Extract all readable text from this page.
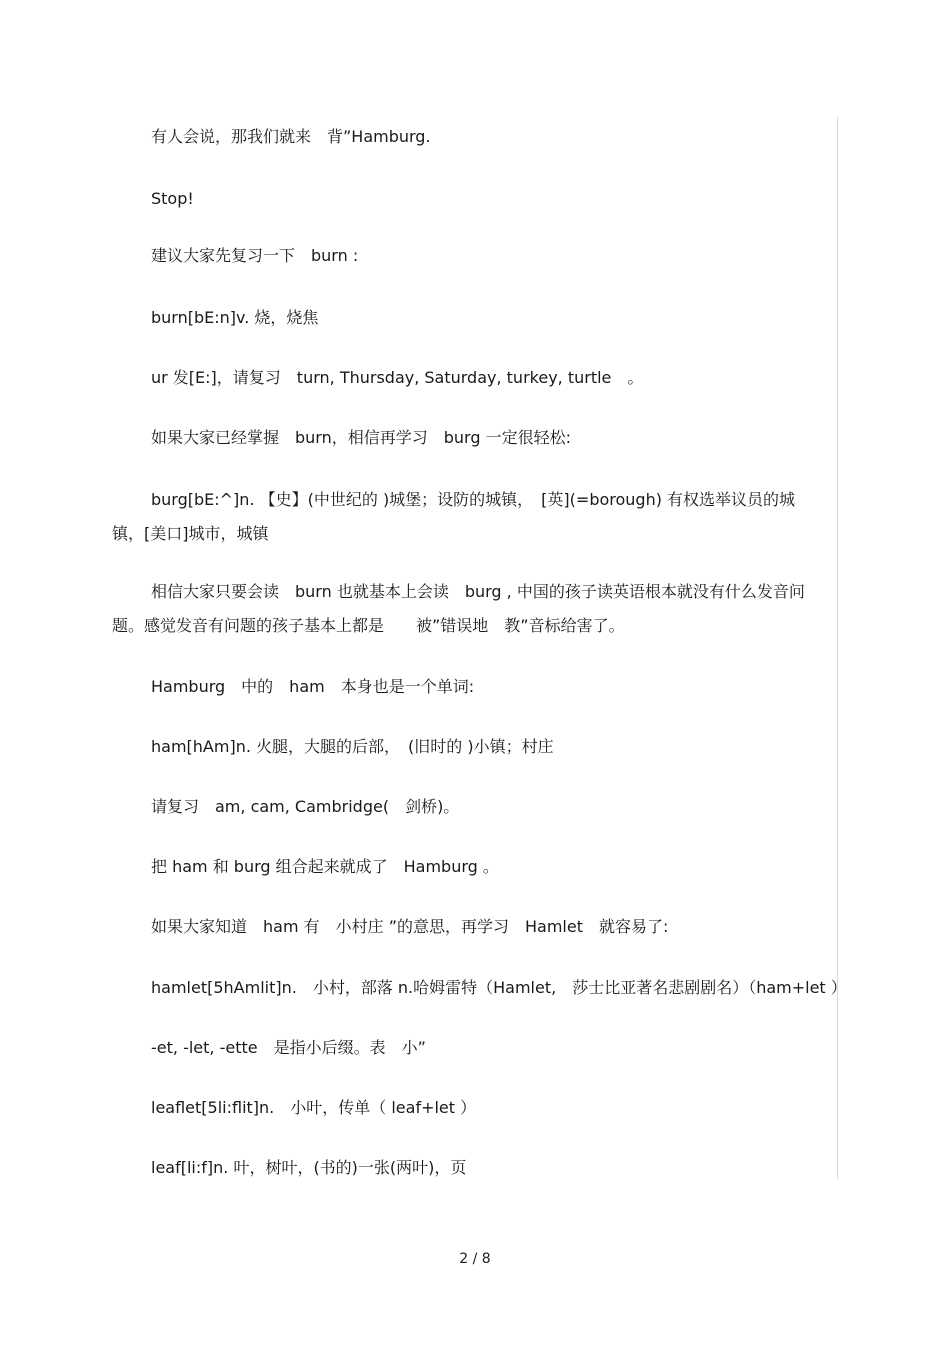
有人会说，那我们就来　背”Hamburg.
Stop!
建议大家先复习一下　burn :
burn[bE:n]v. 烧，烧焦
ur 发[E:]，请复习　turn, Thursday, Saturday, turkey, turtle　。
如果大家已经掌握　burn，相信再学习　burg 一定很轻松:
burg[bE:^]n. 【史】(中世纪的 )城堡；设防的城镇，　[英](=borough) 有权选举议员的城镇，[美口]城市，城镇
相信大家只要会读　burn 也就基本上会读　burg , 中国的孩子读英语根本就没有什么发音问题。感觉发音有问题的孩子基本上都是　　被”错误地　教”音标给害了。
Hamburg　中的　ham　本身也是一个单词:
ham[hAm]n. 火腿，大腿的后部，　(旧时的 )小镇；村庄
请复习　am, cam, Cambridge(　剑桥)。
把 ham 和 burg 组合起来就成了　Hamburg 。
如果大家知道　ham 有　小村庄 ”的意思，再学习　Hamlet　就容易了:
hamlet[5hAmlit]n.　小村，部落 n.哈姆雷特（Hamlet,　莎士比亚著名悲剧剧名）（ham+let ）
-et, -let, -ette　是指小后缀。表　小”
leaflet[5li:flit]n.　小叶，传单（ leaf+let ）
leaf[li:f]n. 叶，树叶，(书的)一张(两叶)，页
2 / 8
